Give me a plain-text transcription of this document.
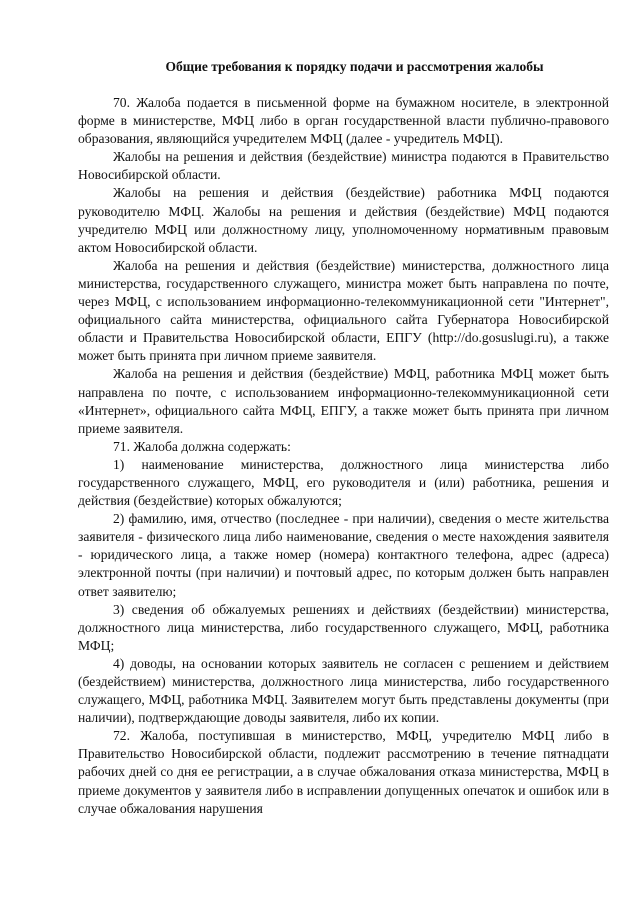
Общие требования к порядку подачи и рассмотрения жалобы

70. Жалоба подается в письменной форме на бумажном носителе, в электронной форме в министерстве, МФЦ либо в орган государственной власти публично-правового образования, являющийся учредителем МФЦ (далее - учредитель МФЦ).

Жалобы на решения и действия (бездействие) министра подаются в Правительство Новосибирской области.

Жалобы на решения и действия (бездействие) работника МФЦ подаются руководителю МФЦ. Жалобы на решения и действия (бездействие) МФЦ подаются учредителю МФЦ или должностному лицу, уполномоченному нормативным правовым актом Новосибирской области.

Жалоба на решения и действия (бездействие) министерства, должностного лица министерства, государственного служащего, министра может быть направлена по почте, через МФЦ, с использованием информационно-телекоммуникационной сети "Интернет", официального сайта министерства, официального сайта Губернатора Новосибирской области и Правительства Новосибирской области, ЕПГУ (http://do.gosuslugi.ru), а также может быть принята при личном приеме заявителя.

Жалоба на решения и действия (бездействие) МФЦ, работника МФЦ может быть направлена по почте, с использованием информационно-телекоммуникационной сети «Интернет», официального сайта МФЦ, ЕПГУ, а также может быть принята при личном приеме заявителя.

71. Жалоба должна содержать:

1) наименование министерства, должностного лица министерства либо государственного служащего, МФЦ, его руководителя и (или) работника, решения и действия (бездействие) которых обжалуются;

2) фамилию, имя, отчество (последнее - при наличии), сведения о месте жительства заявителя - физического лица либо наименование, сведения о месте нахождения заявителя - юридического лица, а также номер (номера) контактного телефона, адрес (адреса) электронной почты (при наличии) и почтовый адрес, по которым должен быть направлен ответ заявителю;

3) сведения об обжалуемых решениях и действиях (бездействии) министерства, должностного лица министерства, либо государственного служащего, МФЦ, работника МФЦ;

4) доводы, на основании которых заявитель не согласен с решением и действием (бездействием) министерства, должностного лица министерства, либо государственного служащего, МФЦ, работника МФЦ. Заявителем могут быть представлены документы (при наличии), подтверждающие доводы заявителя, либо их копии.

72. Жалоба, поступившая в министерство, МФЦ, учредителю МФЦ либо в Правительство Новосибирской области, подлежит рассмотрению в течение пятнадцати рабочих дней со дня ее регистрации, а в случае обжалования отказа министерства, МФЦ в приеме документов у заявителя либо в исправлении допущенных опечаток и ошибок или в случае обжалования нарушения
